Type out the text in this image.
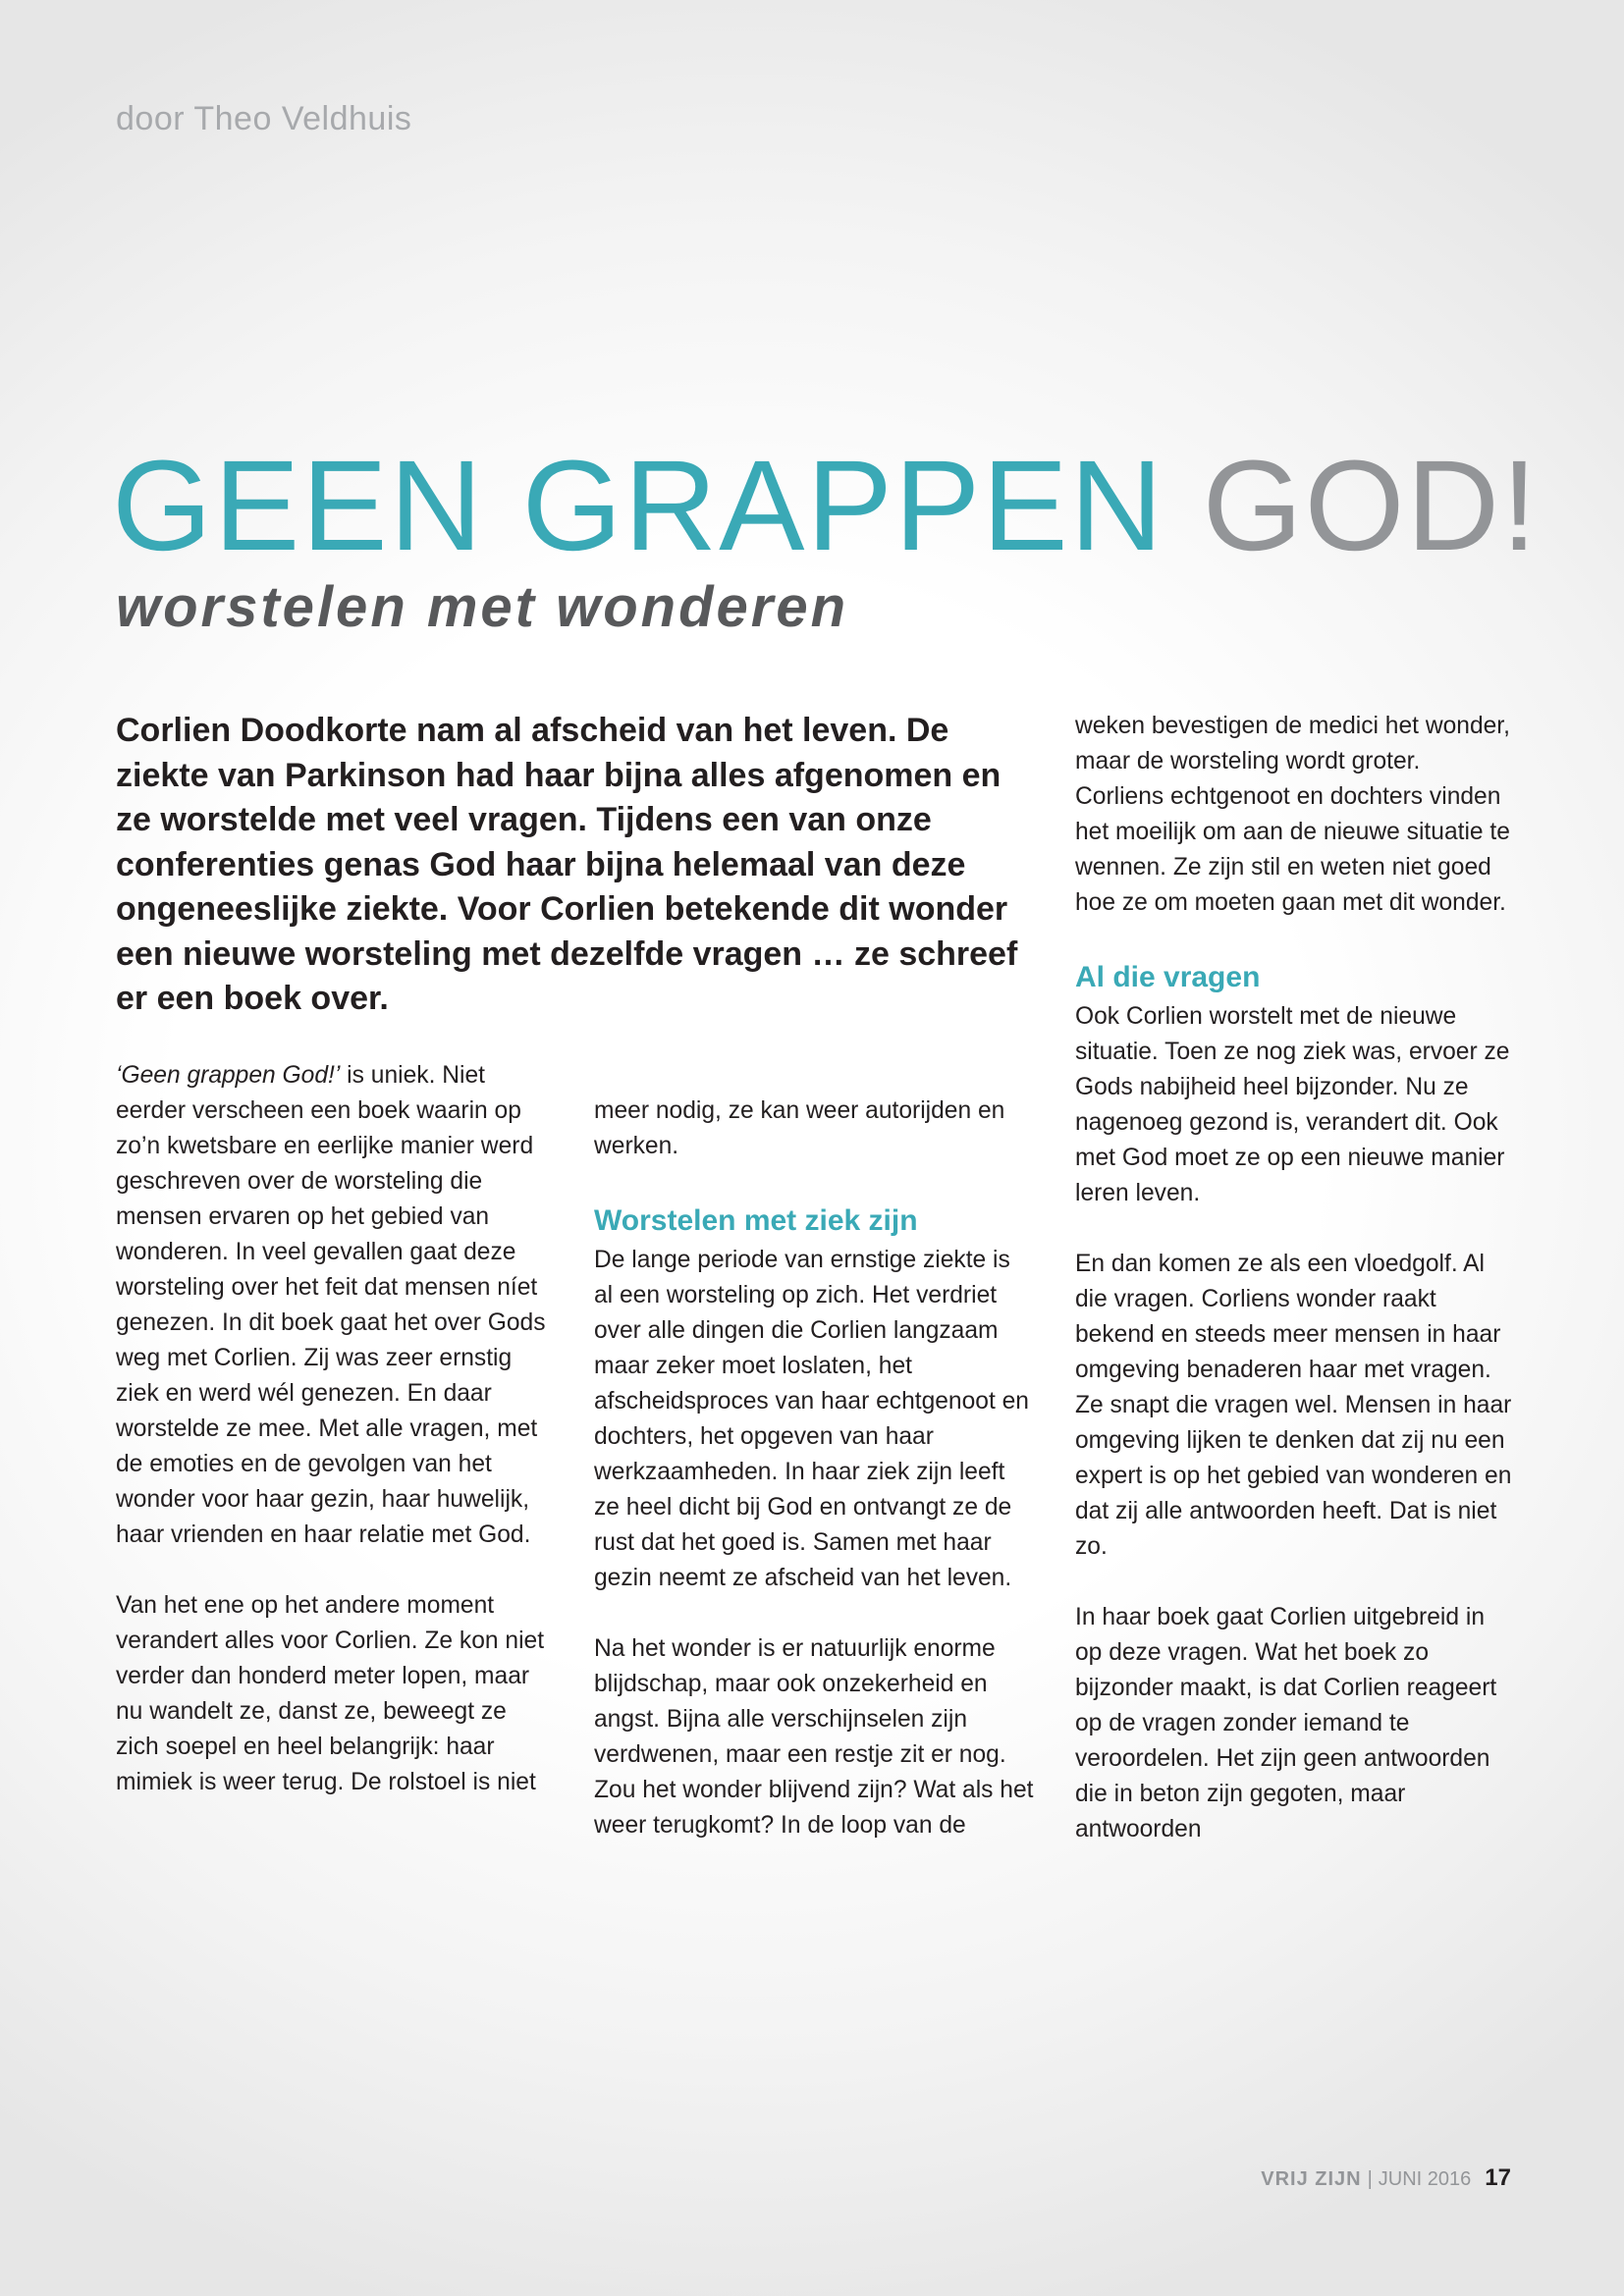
door Theo Veldhuis
GEEN GRAPPEN GOD!
worstelen met wonderen

Corlien Doodkorte nam al afscheid van het leven. De ziekte van Parkinson had haar bijna alles afgenomen en ze worstelde met veel vragen. Tijdens een van onze conferenties genas God haar bijna helemaal van deze ongeneeslijke ziekte. Voor Corlien betekende dit wonder een nieuwe worsteling met dezelfde vragen … ze schreef er een boek over.

‘Geen grappen God!’ is uniek. Niet eerder verscheen een boek waarin op zo’n kwetsbare en eerlijke manier werd geschreven over de worsteling die mensen ervaren op het gebied van wonderen. In veel gevallen gaat deze worsteling over het feit dat mensen níet genezen. In dit boek gaat het over Gods weg met Corlien. Zij was zeer ernstig ziek en werd wél genezen. En daar worstelde ze mee. Met alle vragen, met de emoties en de gevolgen van het wonder voor haar gezin, haar huwelijk, haar vrienden en haar relatie met God.

Van het ene op het andere moment verandert alles voor Corlien. Ze kon niet verder dan honderd meter lopen, maar nu wandelt ze, danst ze, beweegt ze zich soepel en heel belangrijk: haar mimiek is weer terug. De rolstoel is niet

meer nodig, ze kan weer autorijden en werken.

Worstelen met ziek zijn

De lange periode van ernstige ziekte is al een worsteling op zich. Het verdriet over alle dingen die Corlien langzaam maar zeker moet loslaten, het afscheidsproces van haar echtgenoot en dochters, het opgeven van haar werkzaamheden. In haar ziek zijn leeft ze heel dicht bij God en ontvangt ze de rust dat het goed is. Samen met haar gezin neemt ze afscheid van het leven.

Na het wonder is er natuurlijk enorme blijdschap, maar ook onzekerheid en angst. Bijna alle verschijnselen zijn verdwenen, maar een restje zit er nog. Zou het wonder blijvend zijn? Wat als het weer terugkomt? In de loop van de

weken bevestigen de medici het wonder, maar de worsteling wordt groter. Corliens echtgenoot en dochters vinden het moeilijk om aan de nieuwe situatie te wennen. Ze zijn stil en weten niet goed hoe ze om moeten gaan met dit wonder.

Al die vragen

Ook Corlien worstelt met de nieuwe situatie. Toen ze nog ziek was, ervoer ze Gods nabijheid heel bijzonder. Nu ze nagenoeg gezond is, verandert dit. Ook met God moet ze op een nieuwe manier leren leven.

En dan komen ze als een vloedgolf. Al die vragen. Corliens wonder raakt bekend en steeds meer mensen in haar omgeving benaderen haar met vragen. Ze snapt die vragen wel. Mensen in haar omgeving lijken te denken dat zij nu een expert is op het gebied van wonderen en dat zij alle antwoorden heeft. Dat is niet zo.

In haar boek gaat Corlien uitgebreid in op deze vragen. Wat het boek zo bijzonder maakt, is dat Corlien reageert op de vragen zonder iemand te veroordelen. Het zijn geen antwoorden die in beton zijn gegoten, maar antwoorden

VRIJ ZIJN | JUNI 2016 17
